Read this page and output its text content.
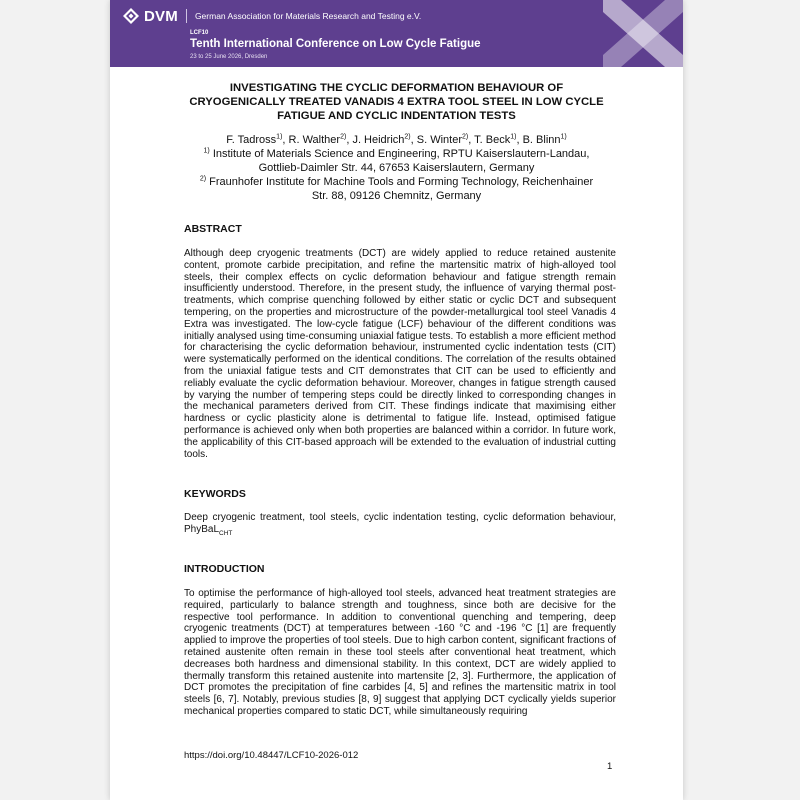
DVM German Association for Materials Research and Testing e.V.
LCF10
Tenth International Conference on Low Cycle Fatigue
23 to 25 June 2026, Dresden
INVESTIGATING THE CYCLIC DEFORMATION BEHAVIOUR OF
CRYOGENICALLY TREATED VANADIS 4 EXTRA TOOL STEEL IN LOW CYCLE
FATIGUE AND CYCLIC INDENTATION TESTS
F. Tadross$^{1)}$, R. Walther$^{2)}$, J. Heidrich$^{2)}$, S. Winter$^{2)}$, T. Beck$^{1)}$, B. Blinn$^{1)}$
$^{1)}$ Institute of Materials Science and Engineering, RPTU Kaiserslautern-Landau,
Gottlieb-Daimler Str. 44, 67653 Kaiserslautern, Germany
$^{2)}$ Fraunhofer Institute for Machine Tools and Forming Technology, Reichenhainer
Str. 88, 09126 Chemnitz, Germany
ABSTRACT

Although deep cryogenic treatments (DCT) are widely applied to reduce retained austenite content, promote carbide precipitation, and refine the martensitic matrix of high-alloyed tool steels, their complex effects on cyclic deformation behaviour and fatigue strength remain insufficiently understood. Therefore, in the present study, the influence of varying thermal post-treatments, which comprise quenching followed by either static or cyclic DCT and subsequent tempering, on the properties and microstructure of the powder-metallurgical tool steel Vanadis 4 Extra was investigated. The low-cycle fatigue (LCF) behaviour of the different conditions was initially analysed using time-consuming uniaxial fatigue tests. To establish a more efficient method for characterising the cyclic deformation behaviour, instrumented cyclic indentation tests (CIT) were systematically performed on the identical conditions. The correlation of the results obtained from the uniaxial fatigue tests and CIT demonstrates that CIT can be used to efficiently and reliably evaluate the cyclic deformation behaviour. Moreover, changes in fatigue strength caused by varying the number of tempering steps could be directly linked to corresponding changes in the mechanical parameters derived from CIT. These findings indicate that maximising either hardness or cyclic plasticity alone is detrimental to fatigue life. Instead, optimised fatigue performance is achieved only when both properties are balanced within a corridor. In future work, the applicability of this CIT-based approach will be extended to the evaluation of industrial cutting tools.

KEYWORDS

Deep cryogenic treatment, tool steels, cyclic indentation testing, cyclic deformation behaviour, PhyBaL$_{CHT}$

INTRODUCTION

To optimise the performance of high-alloyed tool steels, advanced heat treatment strategies are required, particularly to balance strength and toughness, since both are decisive for the respective tool performance. In addition to conventional quenching and tempering, deep cryogenic treatments (DCT) at temperatures between -160 °C and -196 °C [1] are frequently applied to improve the properties of tool steels. Due to high carbon content, significant fractions of retained austenite often remain in these tool steels after conventional heat treatment, which decreases both hardness and dimensional stability. In this context, DCT are widely applied to thermally transform this retained austenite into martensite [2, 3]. Furthermore, the application of DCT promotes the precipitation of fine carbides [4, 5] and refines the martensitic matrix in tool steels [6, 7]. Notably, previous studies [8, 9] suggest that applying DCT cyclically yields superior mechanical properties compared to static DCT, while simultaneously requiring

https://doi.org/10.48447/LCF10-2026-012
1
